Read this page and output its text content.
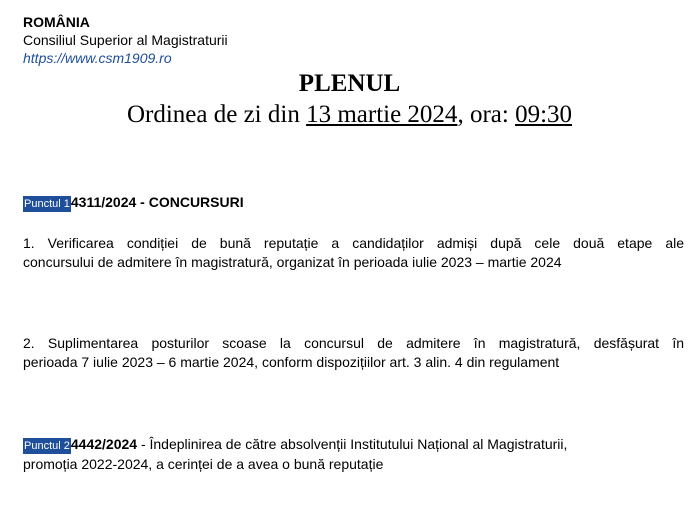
ROMÂNIA
Consiliul Superior al Magistraturii
https://www.csm1909.ro
PLENUL
Ordinea de zi din 13 martie 2024, ora: 09:30
Punctul 14311/2024 - CONCURSURI
1. Verificarea condiției de bună reputație a candidaților admiși după cele două etape ale
concursului de admitere în magistratură, organizat în perioada iulie 2023 – martie 2024
2. Suplimentarea posturilor scoase la concursul de admitere în magistratură, desfășurat în
perioada 7 iulie 2023 – 6 martie 2024, conform dispozițiilor art. 3 alin. 4 din regulament
Punctul 24442/2024 - Îndeplinirea de către absolvenții Institutului Național al Magistraturii,
promoția 2022-2024, a cerinței de a avea o bună reputație
